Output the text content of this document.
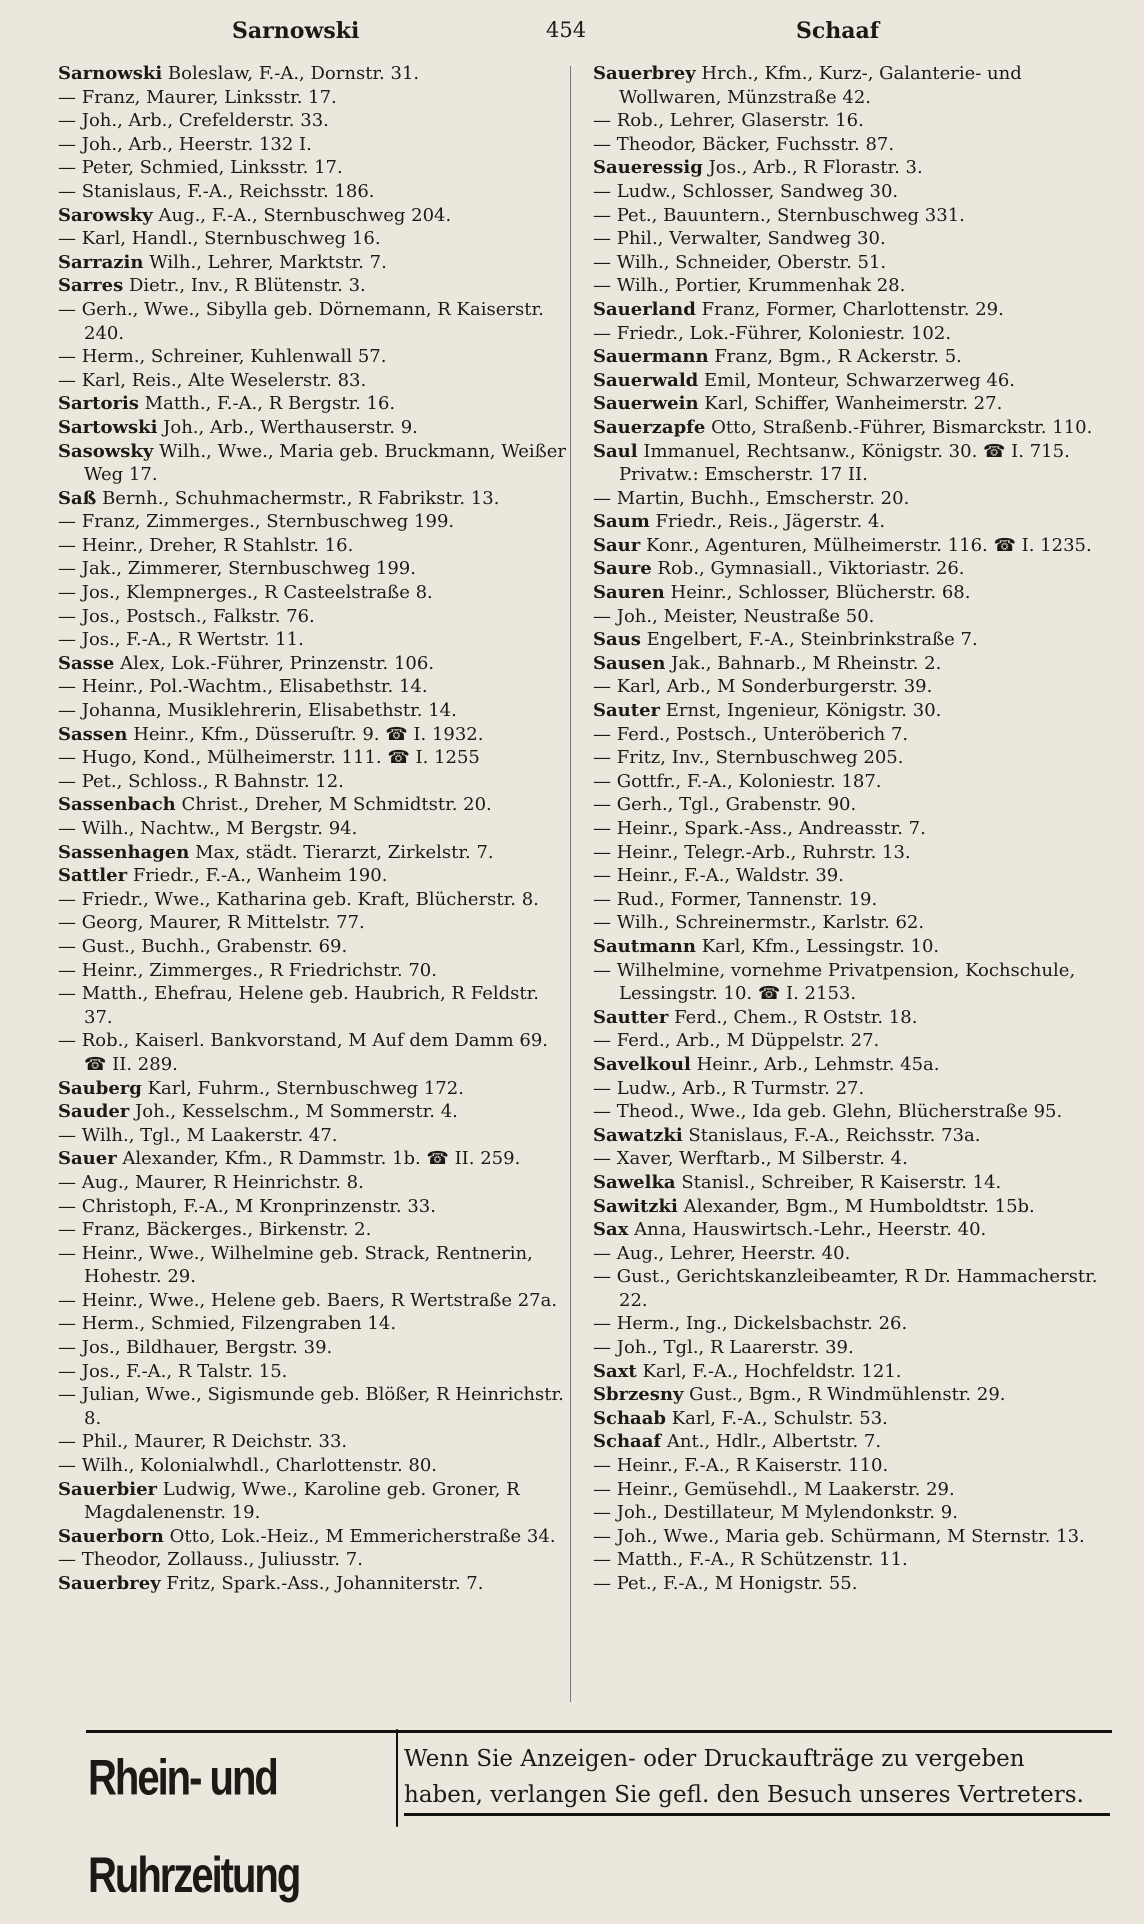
Sarnowski	454	Schaaf
Sarnowski Boleslaw, F.-A., Dornstr. 31.
— Franz, Maurer, Linksstr. 17.
— Joh., Arb., Crefelderstr. 33.
— Joh., Arb., Heerstr. 132 I.
— Peter, Schmied, Linksstr. 17.
— Stanislaus, F.-A., Reichsstr. 186.
Sarowsky Aug., F.-A., Sternbuschweg 204.
— Karl, Handl., Sternbuschweg 16.
Sarrazin Wilh., Lehrer, Marktstr. 7.
Sarres Dietr., Inv., R Blütenstr. 3.
— Gerh., Wwe., Sibylla geb. Dörnemann, R Kaiserstr. 240.
— Herm., Schreiner, Kuhlenwall 57.
— Karl, Reis., Alte Weselerstr. 83.
Sartoris Matth., F.-A., R Bergstr. 16.
Sartowski Joh., Arb., Werthauserstr. 9.
Sasowsky Wilh., Wwe., Maria geb. Bruckmann, Weißer Weg 17.
Saß Bernh., Schuhmachermstr., R Fabrikstr. 13.
— Franz, Zimmerges., Sternbuschweg 199.
— Heinr., Dreher, R Stahlstr. 16.
— Jak., Zimmerer, Sternbuschweg 199.
— Jos., Klempnerges., R Casteelstraße 8.
— Jos., Postsch., Falkstr. 76.
— Jos., F.-A., R Wertstr. 11.
Sasse Alex, Lok.-Führer, Prinzenstr. 106.
— Heinr., Pol.-Wachtm., Elisabethstr. 14.
— Johanna, Musiklehrerin, Elisabethstr. 14.
Sassen Heinr., Kfm., Düsseruſtr. 9. ☎ I. 1932.
— Hugo, Kond., Mülheimerstr. 111. ☎ I. 1255
— Pet., Schloss., R Bahnstr. 12.
Sassenbach Christ., Dreher, M Schmidtstr. 20.
— Wilh., Nachtw., M Bergstr. 94.
Sassenhagen Max, städt. Tierarzt, Zirkelstr. 7.
Sattler Friedr., F.-A., Wanheim 190.
— Friedr., Wwe., Katharina geb. Kraft, Blücherstr. 8.
— Georg, Maurer, R Mittelstr. 77.
— Gust., Buchh., Grabenstr. 69.
— Heinr., Zimmerges., R Friedrichstr. 70.
— Matth., Ehefrau, Helene geb. Haubrich, R Feldstr. 37.
— Rob., Kaiserl. Bankvorstand, M Auf dem Damm 69. ☎ II. 289.
Sauberg Karl, Fuhrm., Sternbuschweg 172.
Sauder Joh., Kesselschm., M Sommerstr. 4.
— Wilh., Tgl., M Laakerstr. 47.
Sauer Alexander, Kfm., R Dammstr. 1b. ☎ II. 259.
— Aug., Maurer, R Heinrichstr. 8.
— Christoph, F.-A., M Kronprinzenstr. 33.
— Franz, Bäckerges., Birkenstr. 2.
— Heinr., Wwe., Wilhelmine geb. Strack, Rentnerin, Hohestr. 29.
— Heinr., Wwe., Helene geb. Baers, R Wertstraße 27a.
— Herm., Schmied, Filzengraben 14.
— Jos., Bildhauer, Bergstr. 39.
— Jos., F.-A., R Talstr. 15.
— Julian, Wwe., Sigismunde geb. Blößer, R Heinrichstr. 8.
— Phil., Maurer, R Deichstr. 33.
— Wilh., Kolonialwhdl., Charlottenstr. 80.
Sauerbier Ludwig, Wwe., Karoline geb. Groner, R Magdalenenstr. 19.
Sauerborn Otto, Lok.-Heiz., M Emmericherstraße 34.
— Theodor, Zollauss., Juliusstr. 7.
Sauerbrey Fritz, Spark.-Ass., Johanniterstr. 7.
Sauerbrey Hrch., Kfm., Kurz-, Galanterie- und Wollwaren, Münzstraße 42.
— Rob., Lehrer, Glaserstr. 16.
— Theodor, Bäcker, Fuchsstr. 87.
Saueressig Jos., Arb., R Florastr. 3.
— Ludw., Schlosser, Sandweg 30.
— Pet., Bauuntern., Sternbuschweg 331.
— Phil., Verwalter, Sandweg 30.
— Wilh., Schneider, Oberstr. 51.
— Wilh., Portier, Krummenhak 28.
Sauerland Franz, Former, Charlottenstr. 29.
— Friedr., Lok.-Führer, Koloniestr. 102.
Sauermann Franz, Bgm., R Ackerstr. 5.
Sauerwald Emil, Monteur, Schwarzerweg 46.
Sauerwein Karl, Schiffer, Wanheimerstr. 27.
Sauerzapfe Otto, Straßenb.-Führer, Bismarckstr. 110.
Saul Immanuel, Rechtsanw., Königstr. 30. ☎ I. 715. Privatw.: Emscherstr. 17 II.
— Martin, Buchh., Emscherstr. 20.
Saum Friedr., Reis., Jägerstr. 4.
Saur Konr., Agenturen, Mülheimerstr. 116. ☎ I. 1235.
Saure Rob., Gymnasiall., Viktoriastr. 26.
Sauren Heinr., Schlosser, Blücherstr. 68.
— Joh., Meister, Neustraße 50.
Saus Engelbert, F.-A., Steinbrinkstraße 7.
Sausen Jak., Bahnarb., M Rheinstr. 2.
— Karl, Arb., M Sonderburgerstr. 39.
Sauter Ernst, Ingenieur, Königstr. 30.
— Ferd., Postsch., Unteröberich 7.
— Fritz, Inv., Sternbuschweg 205.
— Gottfr., F.-A., Koloniestr. 187.
— Gerh., Tgl., Grabenstr. 90.
— Heinr., Spark.-Ass., Andreasstr. 7.
— Heinr., Telegr.-Arb., Ruhrstr. 13.
— Heinr., F.-A., Waldstr. 39.
— Rud., Former, Tannenstr. 19.
— Wilh., Schreinermstr., Karlstr. 62.
Sautmann Karl, Kfm., Lessingstr. 10.
— Wilhelmine, vornehme Privatpension, Kochschule, Lessingstr. 10. ☎ I. 2153.
Sautter Ferd., Chem., R Oststr. 18.
— Ferd., Arb., M Düppelstr. 27.
Savelkoul Heinr., Arb., Lehmstr. 45a.
— Ludw., Arb., R Turmstr. 27.
— Theod., Wwe., Ida geb. Glehn, Blücherstraße 95.
Sawatzki Stanislaus, F.-A., Reichsstr. 73a.
— Xaver, Werftarb., M Silberstr. 4.
Sawelka Stanisl., Schreiber, R Kaiserstr. 14.
Sawitzki Alexander, Bgm., M Humboldtstr. 15b.
Sax Anna, Hauswirtsch.-Lehr., Heerstr. 40.
— Aug., Lehrer, Heerstr. 40.
— Gust., Gerichtskanzleibeamter, R Dr. Hammacherstr. 22.
— Herm., Ing., Dickelsbachstr. 26.
— Joh., Tgl., R Laarerstr. 39.
Saxt Karl, F.-A., Hochfeldstr. 121.
Sbrzesny Gust., Bgm., R Windmühlenstr. 29.
Schaab Karl, F.-A., Schulstr. 53.
Schaaf Ant., Hdlr., Albertstr. 7.
— Heinr., F.-A., R Kaiserstr. 110.
— Heinr., Gemüsehdl., M Laakerstr. 29.
— Joh., Destillateur, M Mylendonkstr. 9.
— Joh., Wwe., Maria geb. Schürmann, M Sternstr. 13.
— Matth., F.-A., R Schützenstr. 11.
— Pet., F.-A., M Honigstr. 55.
Rhein- und Ruhrzeitung
Wenn Sie Anzeigen- oder Druckaufträge zu vergeben
haben, verlangen Sie gefl. den Besuch unseres Vertreters.
